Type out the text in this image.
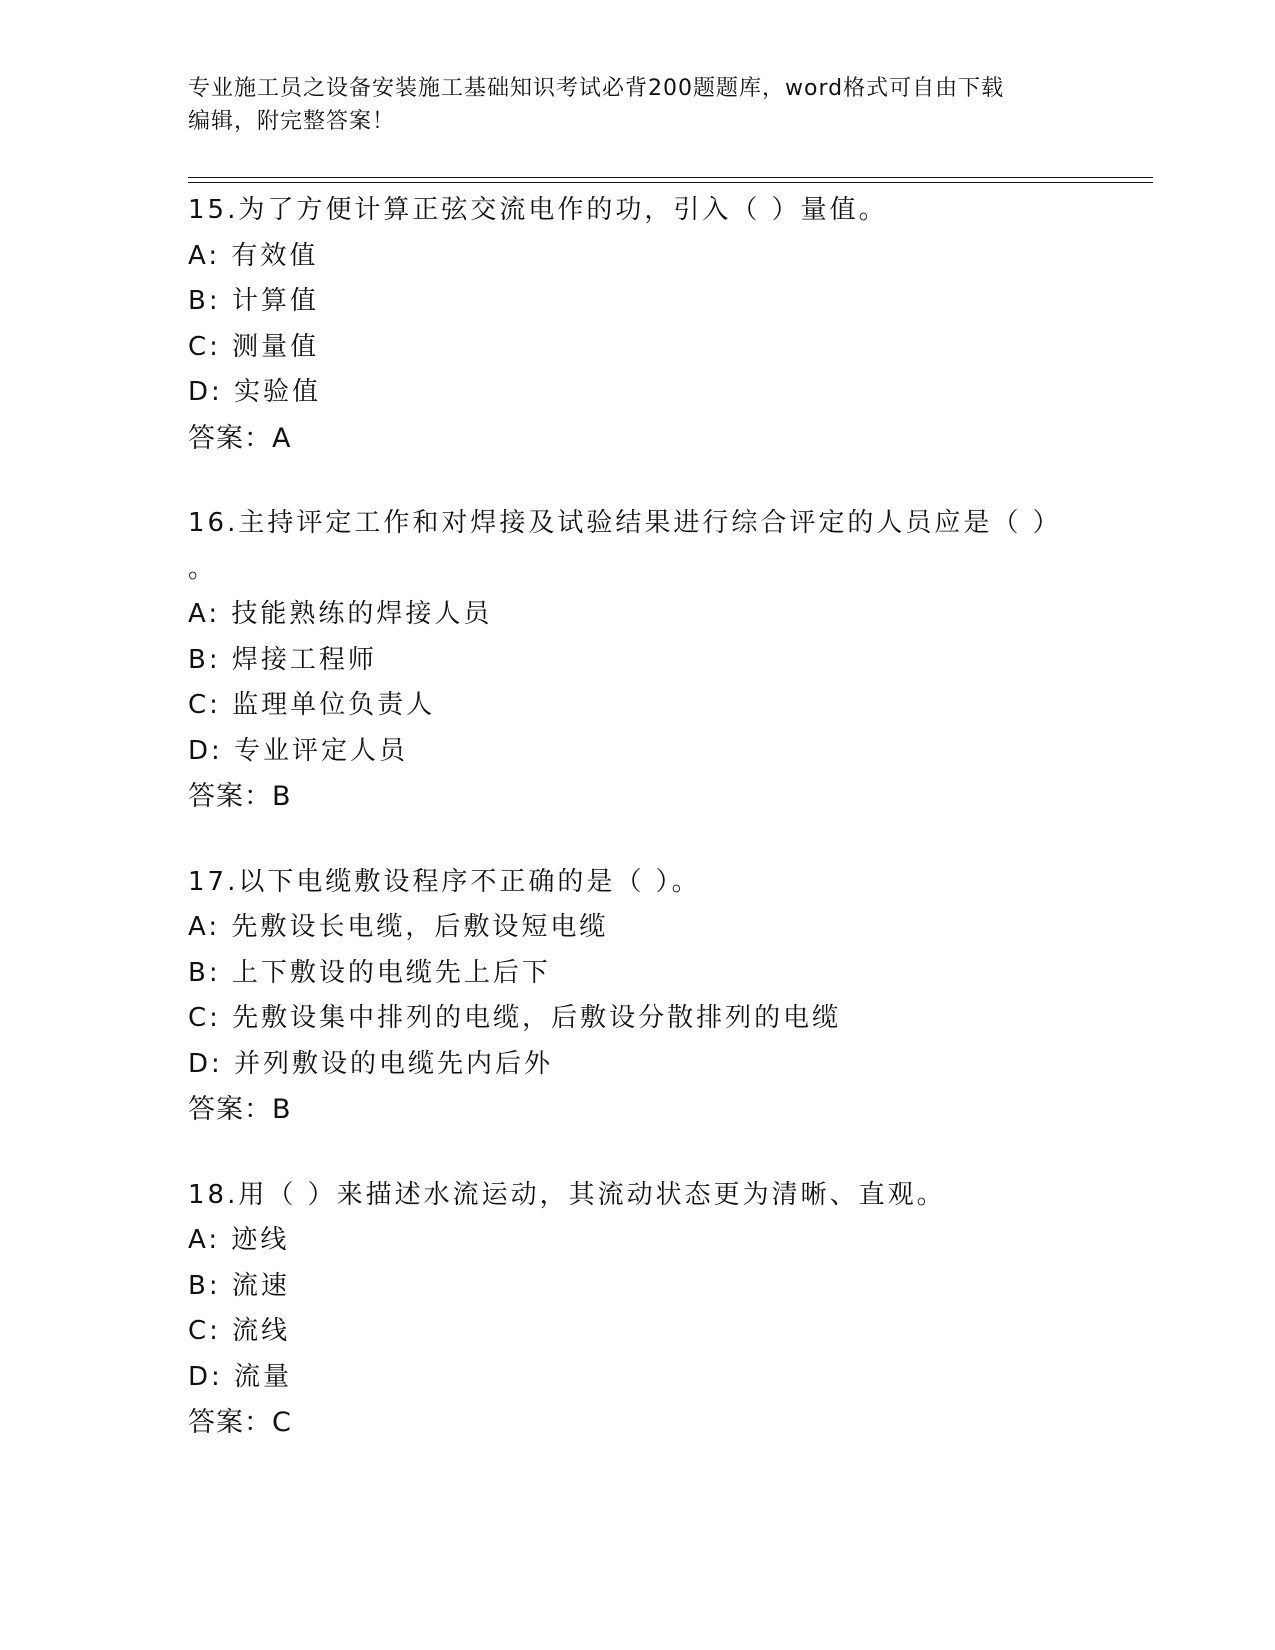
专业施工员之设备安装施工基础知识考试必背200题题库，word格式可自由下载
编辑，附完整答案！

15.为了方便计算正弦交流电作的功，引入（ ）量值。

A: 有效值

B: 计算值

C: 测量值

D: 实验值

答案：A

16.主持评定工作和对焊接及试验结果进行综合评定的人员应是（ ）

。

A: 技能熟练的焊接人员

B: 焊接工程师

C: 监理单位负责人

D: 专业评定人员

答案：B

17.以下电缆敷设程序不正确的是（ ）。

A: 先敷设长电缆，后敷设短电缆

B: 上下敷设的电缆先上后下

C: 先敷设集中排列的电缆，后敷设分散排列的电缆

D: 并列敷设的电缆先内后外

答案：B

18.用（ ）来描述水流运动，其流动状态更为清晰、直观。

A: 迹线

B: 流速

C: 流线

D: 流量

答案：C
